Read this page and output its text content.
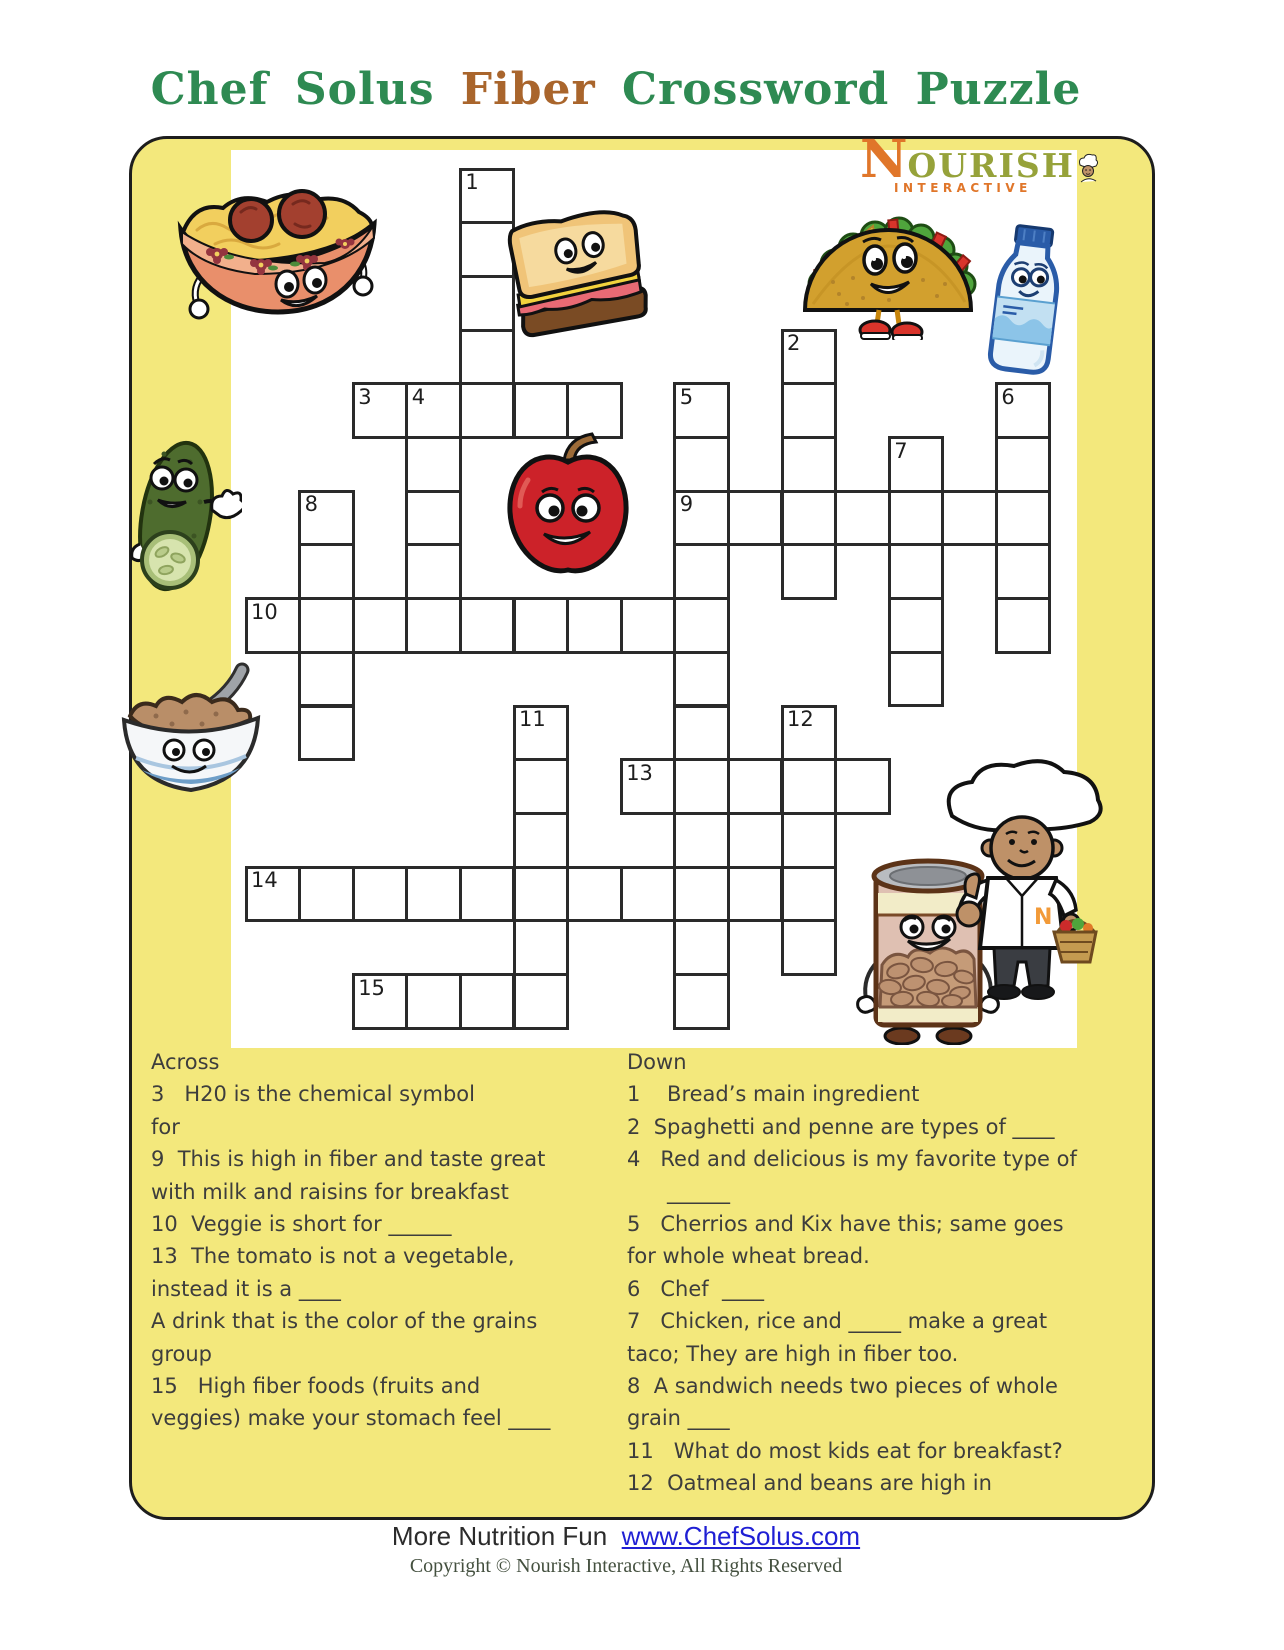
Chef Solus Fiber Crossword Puzzle
1
2
3 4	5	6
7
8	9
10
11	12
13
14
15
N
NOURISH
INTERACTIVE
Across
3   H20 is the chemical symbol
for
9  This is high in fiber and taste great
with milk and raisins for breakfast
10  Veggie is short for ______
13  The tomato is not a vegetable,
instead it is a ____
A drink that is the color of the grains
group
15   High fiber foods (fruits and
veggies) make your stomach feel ____
Down
1    Bread’s main ingredient
2  Spaghetti and penne are types of ____
4   Red and delicious is my favorite type of
______
5   Cherrios and Kix have this; same goes
for whole wheat bread.
6   Chef  ____
7   Chicken, rice and _____ make a great
taco; They are high in fiber too.
8  A sandwich needs two pieces of whole
grain ____
11   What do most kids eat for breakfast?
12  Oatmeal and beans are high in
More Nutrition Fun www.ChefSolus.com
Copyright © Nourish Interactive, All Rights Reserved
